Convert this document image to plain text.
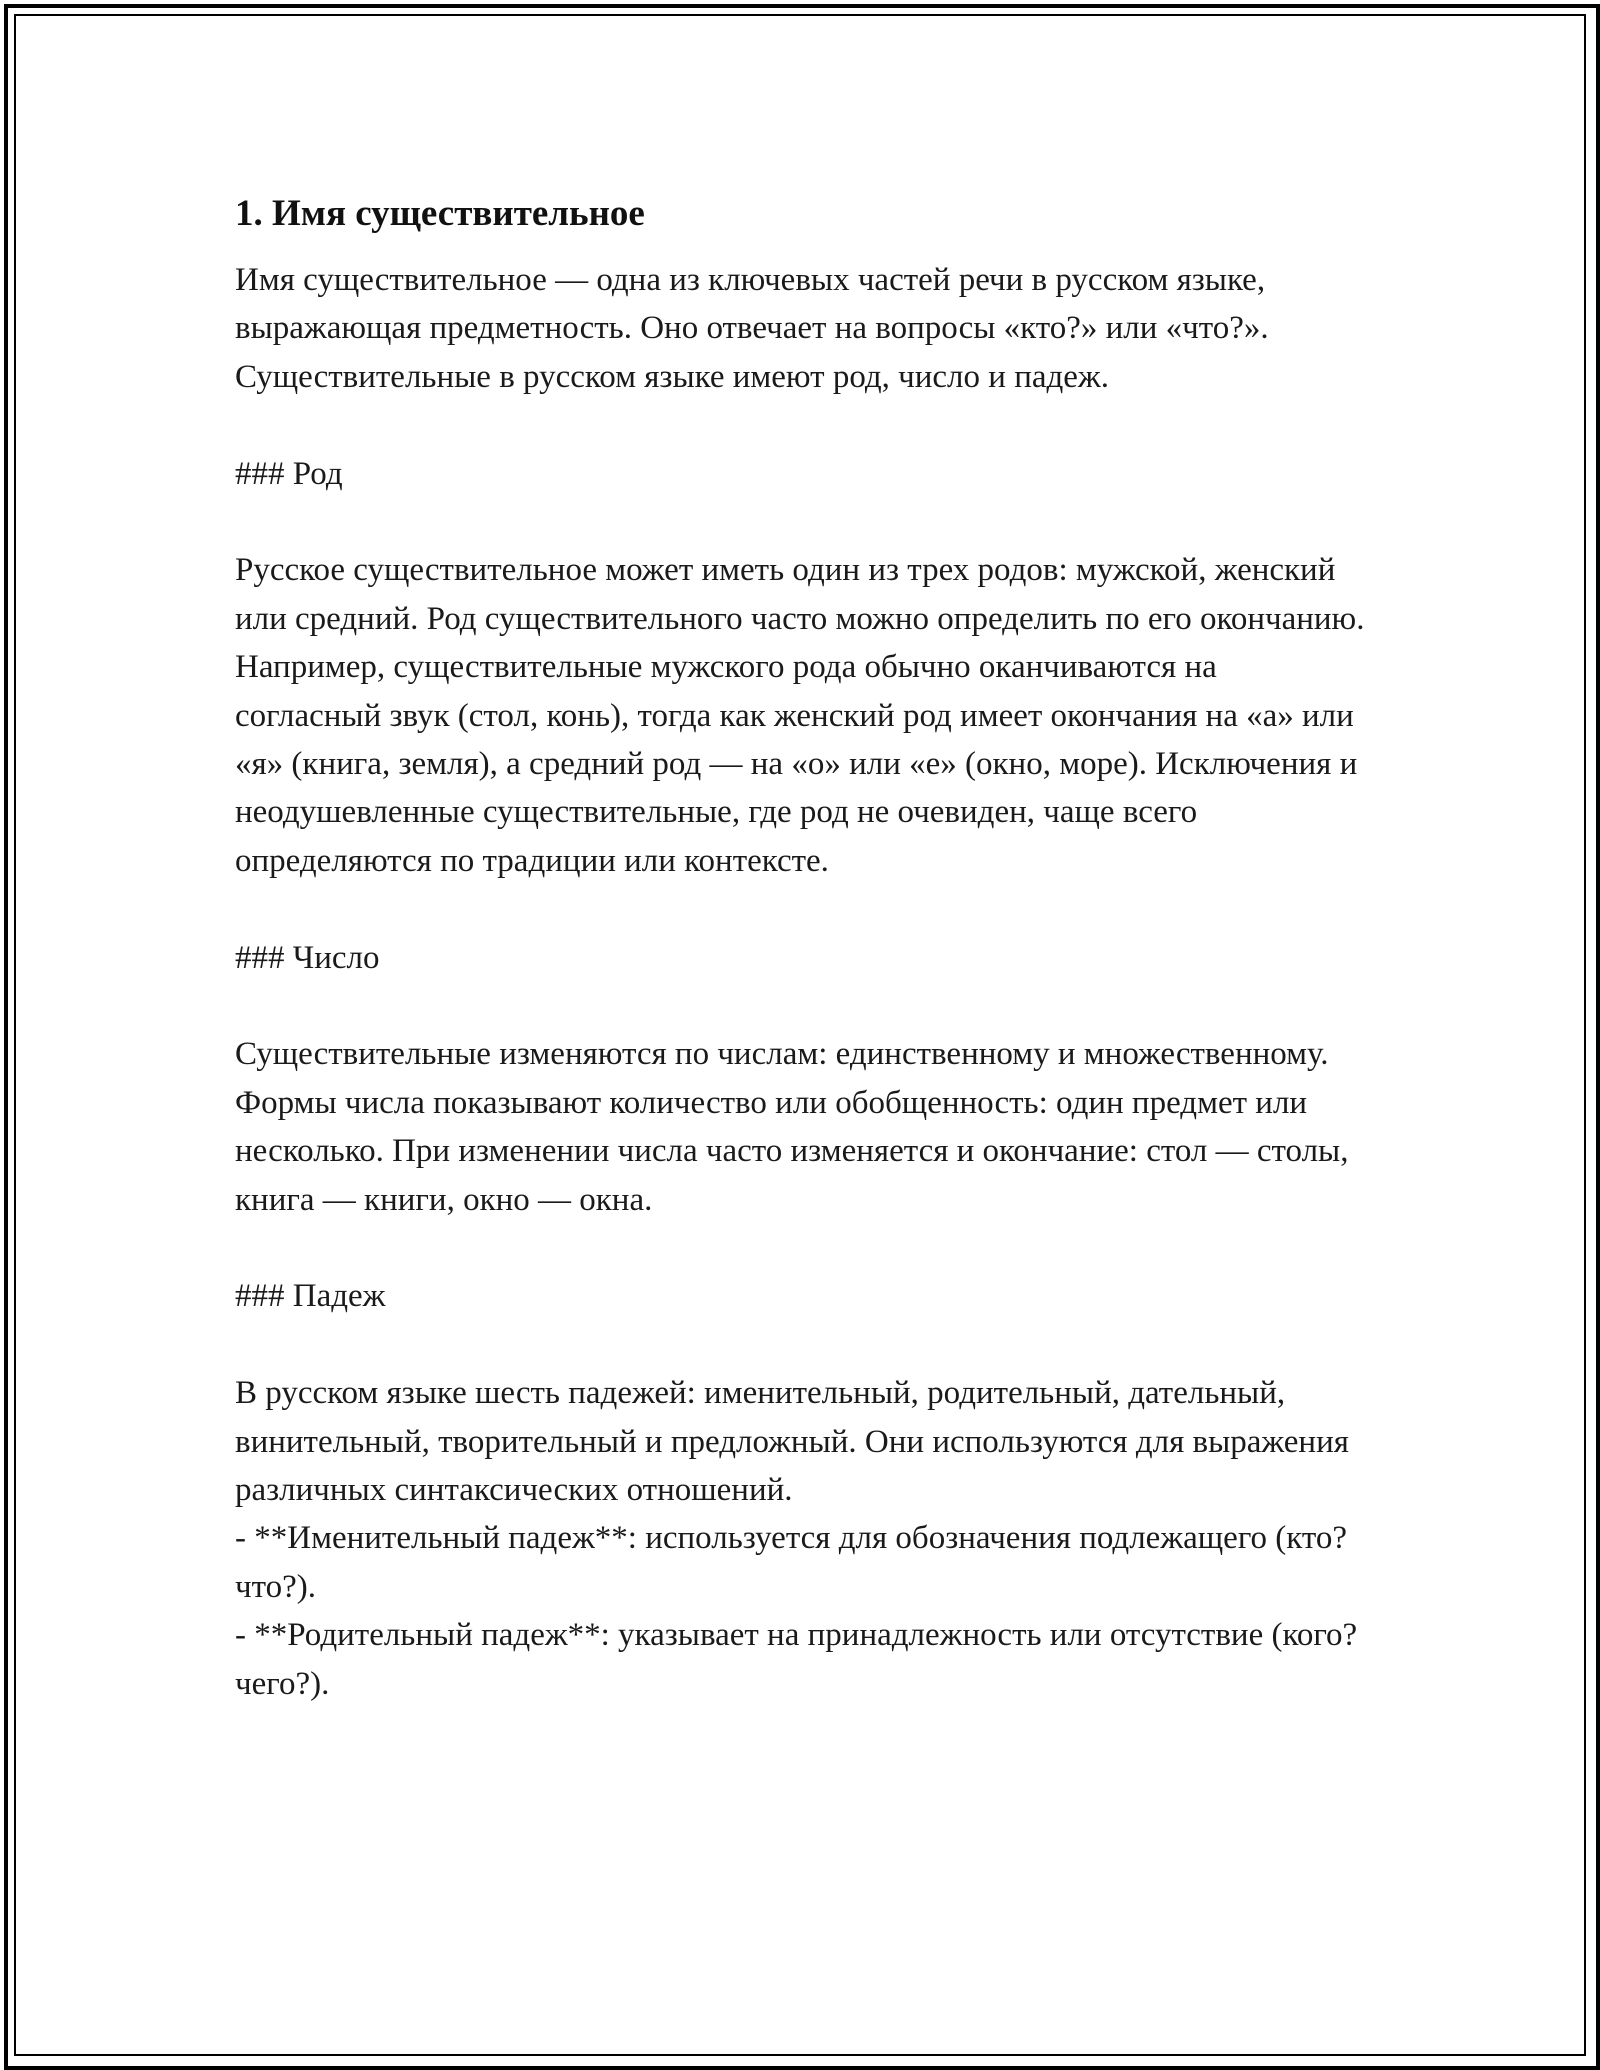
1. Имя существительное

Имя существительное — одна из ключевых частей речи в русском языке, выражающая предметность. Оно отвечает на вопросы «кто?» или «что?». Существительные в русском языке имеют род, число и падеж.

### Род

Русское существительное может иметь один из трех родов: мужской, женский или средний. Род существительного часто можно определить по его окончанию. Например, существительные мужского рода обычно оканчиваются на согласный звук (стол, конь), тогда как женский род имеет окончания на «а» или «я» (книга, земля), а средний род — на «о» или «е» (окно, море). Исключения и неодушевленные существительные, где род не очевиден, чаще всего определяются по традиции или контексте.

### Число

Существительные изменяются по числам: единственному и множественному. Формы числа показывают количество или обобщенность: один предмет или несколько. При изменении числа часто изменяется и окончание: стол — столы, книга — книги, окно — окна.

### Падеж

В русском языке шесть падежей: именительный, родительный, дательный, винительный, творительный и предложный. Они используются для выражения различных синтаксических отношений.

- **Именительный падеж**: используется для обозначения подлежащего (кто? что?).

- **Родительный падеж**: указывает на принадлежность или отсутствие (кого? чего?).
